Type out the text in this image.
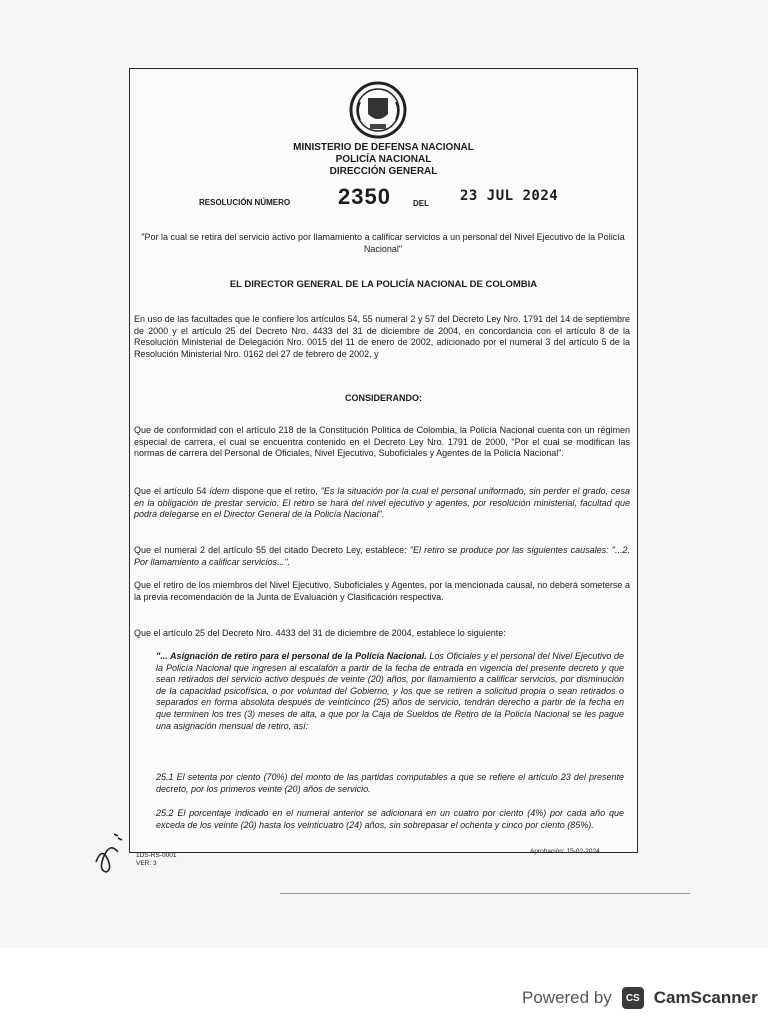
MINISTERIO DE DEFENSA NACIONAL
POLICÍA NACIONAL
DIRECCIÓN GENERAL
RESOLUCIÓN NÚMERO 2350	DEL 23 JUL 2024

"Por la cual se retira del servicio activo por llamamiento a calificar servicios a un personal del Nivel Ejecutivo de la Policía Nacional"

EL DIRECTOR GENERAL DE LA POLICÍA NACIONAL DE COLOMBIA

En uso de las facultades que le confiere los artículos 54, 55 numeral 2 y 57 del Decreto Ley Nro. 1791 del 14 de septiembre de 2000 y el artículo 25 del Decreto Nro. 4433 del 31 de diciembre de 2004, en concordancia con el artículo 8 de la Resolución Ministerial de Delegación Nro. 0015 del 11 de enero de 2002, adicionado por el numeral 3 del artículo 5 de la Resolución Ministerial Nro. 0162 del 27 de febrero de 2002, y

CONSIDERANDO:

Que de conformidad con el artículo 218 de la Constitución Política de Colombia, la Policía Nacional cuenta con un régimen especial de carrera, el cual se encuentra contenido en el Decreto Ley Nro. 1791 de 2000, "Por el cual se modifican las normas de carrera del Personal de Oficiales, Nivel Ejecutivo, Suboficiales y Agentes de la Policía Nacional".

Que el artículo 54 ídem dispone que el retiro, "Es la situación por la cual el personal uniformado, sin perder el grado, cesa en la obligación de prestar servicio. El retiro se hará del nivel ejecutivo y agentes, por resolución ministerial, facultad que podrá delegarse en el Director General de la Policía Nacional".

Que el numeral 2 del artículo 55 del citado Decreto Ley, establece: "El retiro se produce por las siguientes causales: "...2. Por llamamiento a calificar servicios...".

Que el retiro de los miembros del Nivel Ejecutivo, Suboficiales y Agentes, por la mencionada causal, no deberá someterse a la previa recomendación de la Junta de Evaluación y Clasificación respectiva.

Que el artículo 25 del Decreto Nro. 4433 del 31 de diciembre de 2004, establece lo siguiente:

"... Asignación de retiro para el personal de la Policía Nacional. Los Oficiales y el personal del Nivel Ejecutivo de la Policía Nacional que ingresen al escalafón a partir de la fecha de entrada en vigencia del presente decreto y que sean retirados del servicio activo después de veinte (20) años, por llamamiento a calificar servicios, por disminución de la capacidad psicofísica, o por voluntad del Gobierno, y los que se retiren a solicitud propia o sean retirados o separados en forma absoluta después de veinticinco (25) años de servicio, tendrán derecho a partir de la fecha en que terminen los tres (3) meses de alta, a que por la Caja de Sueldos de Retiro de la Policía Nacional se les pague una asignación mensual de retiro, así:

25.1 El setenta por ciento (70%) del monto de las partidas computables a que se refiere el artículo 23 del presente decreto, por los primeros veinte (20) años de servicio.

25.2 El porcentaje indicado en el numeral anterior se adicionará en un cuatro por ciento (4%) por cada año que exceda de los veinte (20) hasta los veinticuatro (24) años, sin sobrepasar el ochenta y cinco por ciento (85%).

1DS-RS-0001
VER: 3
Aprobación: 15-02-2024
Powered by	CS CamScanner
